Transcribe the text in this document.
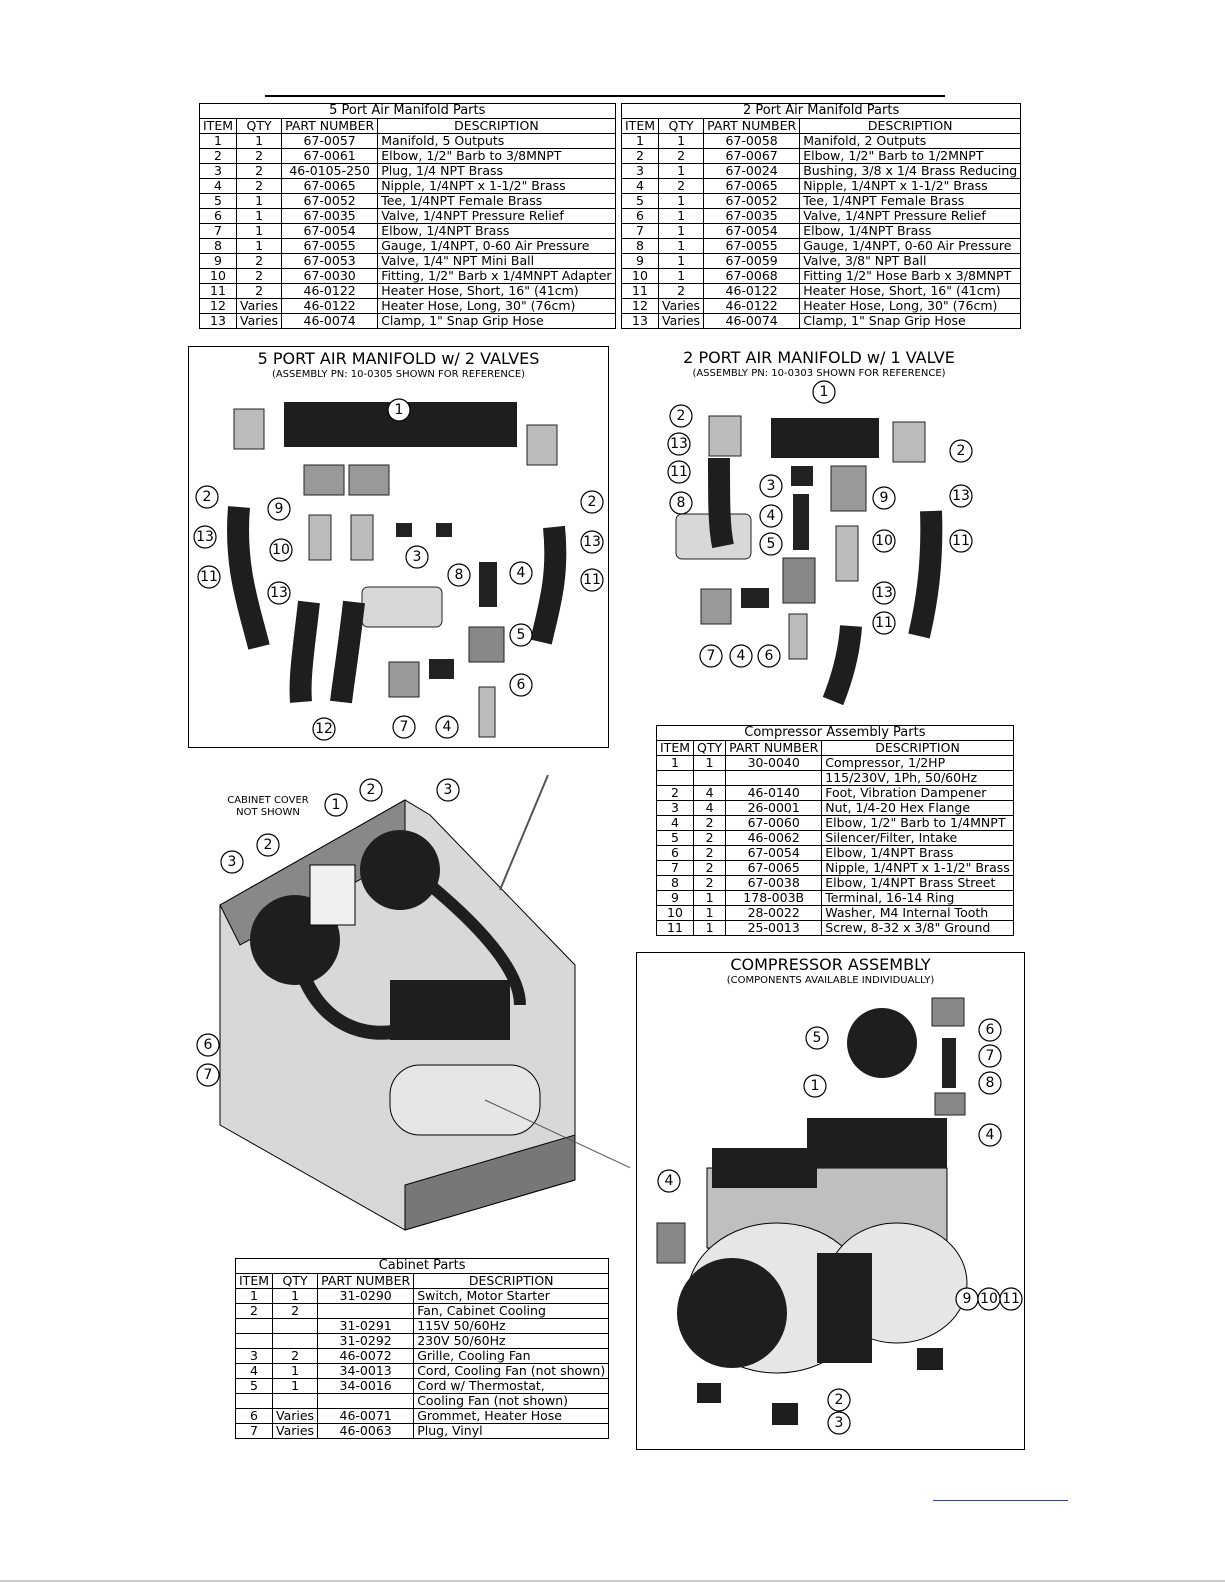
5 Port Air Manifold Parts			
ITEM	QTY	PART NUMBER	DESCRIPTION
1	1	67-0057	Manifold, 5 Outputs
2	2	67-0061	Elbow, 1/2" Barb to 3/8MNPT
3	2	46-0105-250	Plug, 1/4 NPT Brass
4	2	67-0065	Nipple, 1/4NPT x 1-1/2" Brass
5	1	67-0052	Tee, 1/4NPT Female Brass
6	1	67-0035	Valve, 1/4NPT Pressure Relief
7	1	67-0054	Elbow, 1/4NPT Brass
8	1	67-0055	Gauge, 1/4NPT, 0-60 Air Pressure
9	2	67-0053	Valve, 1/4" NPT Mini Ball
10	2	67-0030	Fitting, 1/2" Barb x 1/4MNPT Adapter
11	2	46-0122	Heater Hose, Short, 16" (41cm)
12	Varies	46-0122	Heater Hose, Long, 30" (76cm)
13	Varies	46-0074	Clamp, 1" Snap Grip Hose
2 Port Air Manifold Parts			
ITEM	QTY	PART NUMBER	DESCRIPTION
1	1	67-0058	Manifold, 2 Outputs
2	2	67-0067	Elbow, 1/2" Barb to 1/2MNPT
3	1	67-0024	Bushing, 3/8 x 1/4 Brass Reducing
4	2	67-0065	Nipple, 1/4NPT x 1-1/2" Brass
5	1	67-0052	Tee, 1/4NPT Female Brass
6	1	67-0035	Valve, 1/4NPT Pressure Relief
7	1	67-0054	Elbow, 1/4NPT Brass
8	1	67-0055	Gauge, 1/4NPT, 0-60 Air Pressure
9	1	67-0059	Valve, 3/8" NPT Ball
10	1	67-0068	Fitting 1/2" Hose Barb x 3/8MNPT
11	2	46-0122	Heater Hose, Short, 16" (41cm)
12	Varies	46-0122	Heater Hose, Long, 30" (76cm)
13	Varies	46-0074	Clamp, 1" Snap Grip Hose
5 PORT AIR MANIFOLD w/ 2 VALVES
(ASSEMBLY PN: 10-0305 SHOWN FOR REFERENCE)
1
2	2
13	13
9
10	3
8	4
11	11
13
5
6
12	7 4
2 PORT AIR MANIFOLD w/ 1 VALVE
(ASSEMBLY PN: 10-0303 SHOWN FOR REFERENCE)
1
2
2
13
13
11
3
9
4
10	11
8
5
13
11
7 4 6
Compressor Assembly Parts			
ITEM	QTY	PART NUMBER	DESCRIPTION
1	1	30-0040	Compressor, 1/2HP
			115/230V, 1Ph, 50/60Hz
2	4	46-0140	Foot, Vibration Dampener
3	4	26-0001	Nut, 1/4-20 Hex Flange
4	2	67-0060	Elbow, 1/2" Barb to 1/4MNPT
5	2	46-0062	Silencer/Filter, Intake
6	2	67-0054	Elbow, 1/4NPT Brass
7	2	67-0065	Nipple, 1/4NPT x 1-1/2" Brass
8	2	67-0038	Elbow, 1/4NPT Brass Street
9	1	178-003B	Terminal, 16-14 Ring
10	1	28-0022	Washer, M4 Internal Tooth
11	1	25-0013	Screw, 8-32 x 3/8" Ground
CABINET COVER NOT SHOWN	1
2	3
2
3
6
7
COMPRESSOR ASSEMBLY
(COMPONENTS AVAILABLE INDIVIDUALLY)
6
5
7
8
1
4
4
9 10 11
2
3
Cabinet Parts			
ITEM	QTY	PART NUMBER	DESCRIPTION
1	1	31-0290	Switch, Motor Starter
2	2		Fan, Cabinet Cooling
		31-0291	115V 50/60Hz
		31-0292	230V 50/60Hz
3	2	46-0072	Grille, Cooling Fan
4	1	34-0013	Cord, Cooling Fan (not shown)
5	1	34-0016	Cord w/ Thermostat,
			Cooling Fan (not shown)
6	Varies	46-0071	Grommet, Heater Hose
7	Varies	46-0063	Plug, Vinyl
